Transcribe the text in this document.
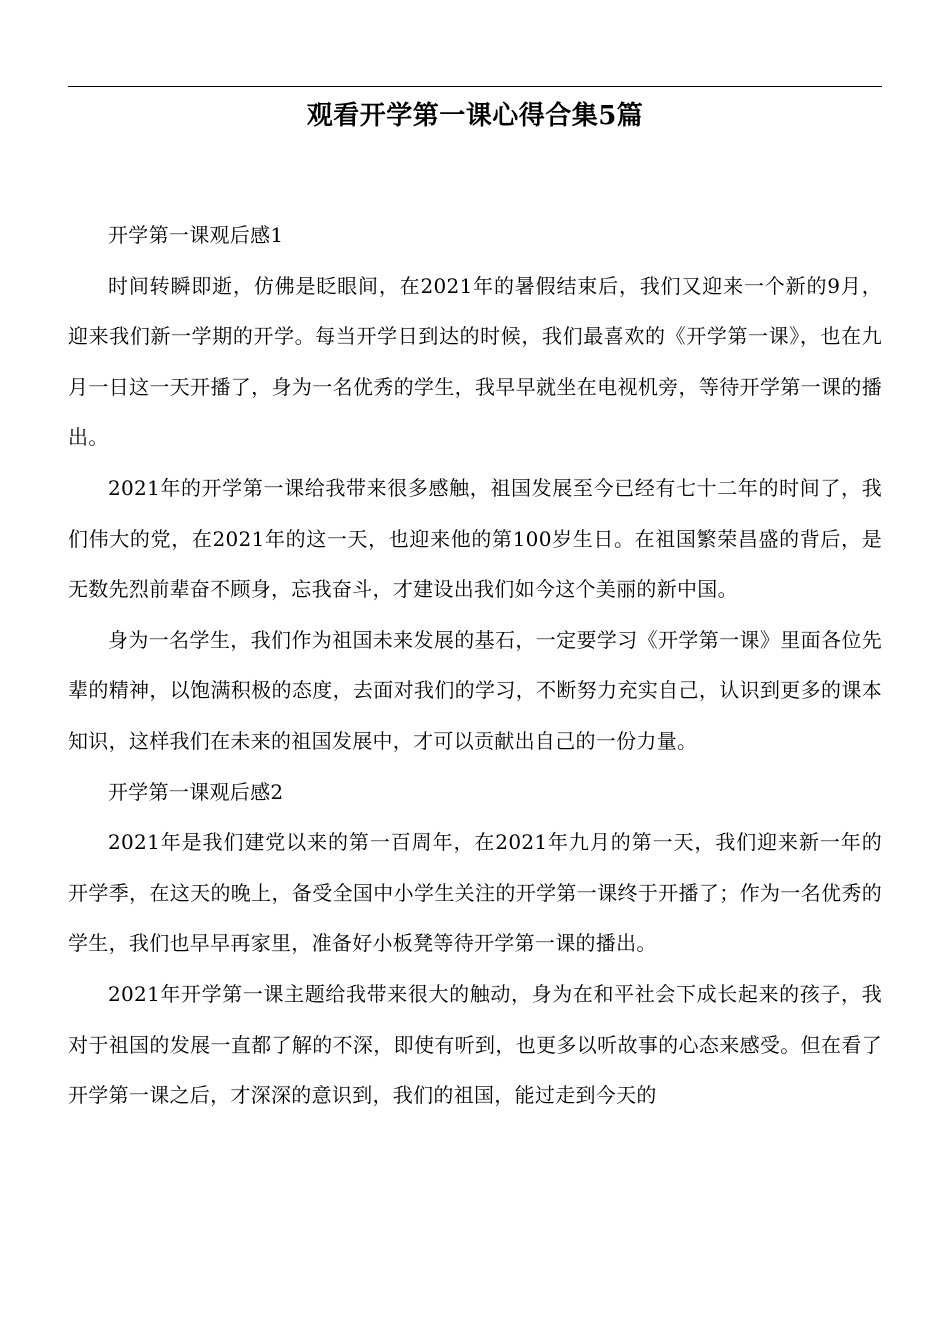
观看开学第一课心得合集5篇

开学第一课观后感1

时间转瞬即逝，仿佛是眨眼间，在2021年的暑假结束后，我们又迎来一个新的9月，迎来我们新一学期的开学。每当开学日到达的时候，我们最喜欢的《开学第一课》，也在九月一日这一天开播了，身为一名优秀的学生，我早早就坐在电视机旁，等待开学第一课的播出。

2021年的开学第一课给我带来很多感触，祖国发展至今已经有七十二年的时间了，我们伟大的党，在2021年的这一天，也迎来他的第100岁生日。在祖国繁荣昌盛的背后，是无数先烈前辈奋不顾身，忘我奋斗，才建设出我们如今这个美丽的新中国。

身为一名学生，我们作为祖国未来发展的基石，一定要学习《开学第一课》里面各位先辈的精神，以饱满积极的态度，去面对我们的学习，不断努力充实自己，认识到更多的课本知识，这样我们在未来的祖国发展中，才可以贡献出自己的一份力量。

开学第一课观后感2

2021年是我们建党以来的第一百周年，在2021年九月的第一天，我们迎来新一年的开学季，在这天的晚上，备受全国中小学生关注的开学第一课终于开播了；作为一名优秀的学生，我们也早早再家里，准备好小板凳等待开学第一课的播出。

2021年开学第一课主题给我带来很大的触动，身为在和平社会下成长起来的孩子，我对于祖国的发展一直都了解的不深，即使有听到，也更多以听故事的心态来感受。但在看了开学第一课之后，才深深的意识到，我们的祖国，能过走到今天的
